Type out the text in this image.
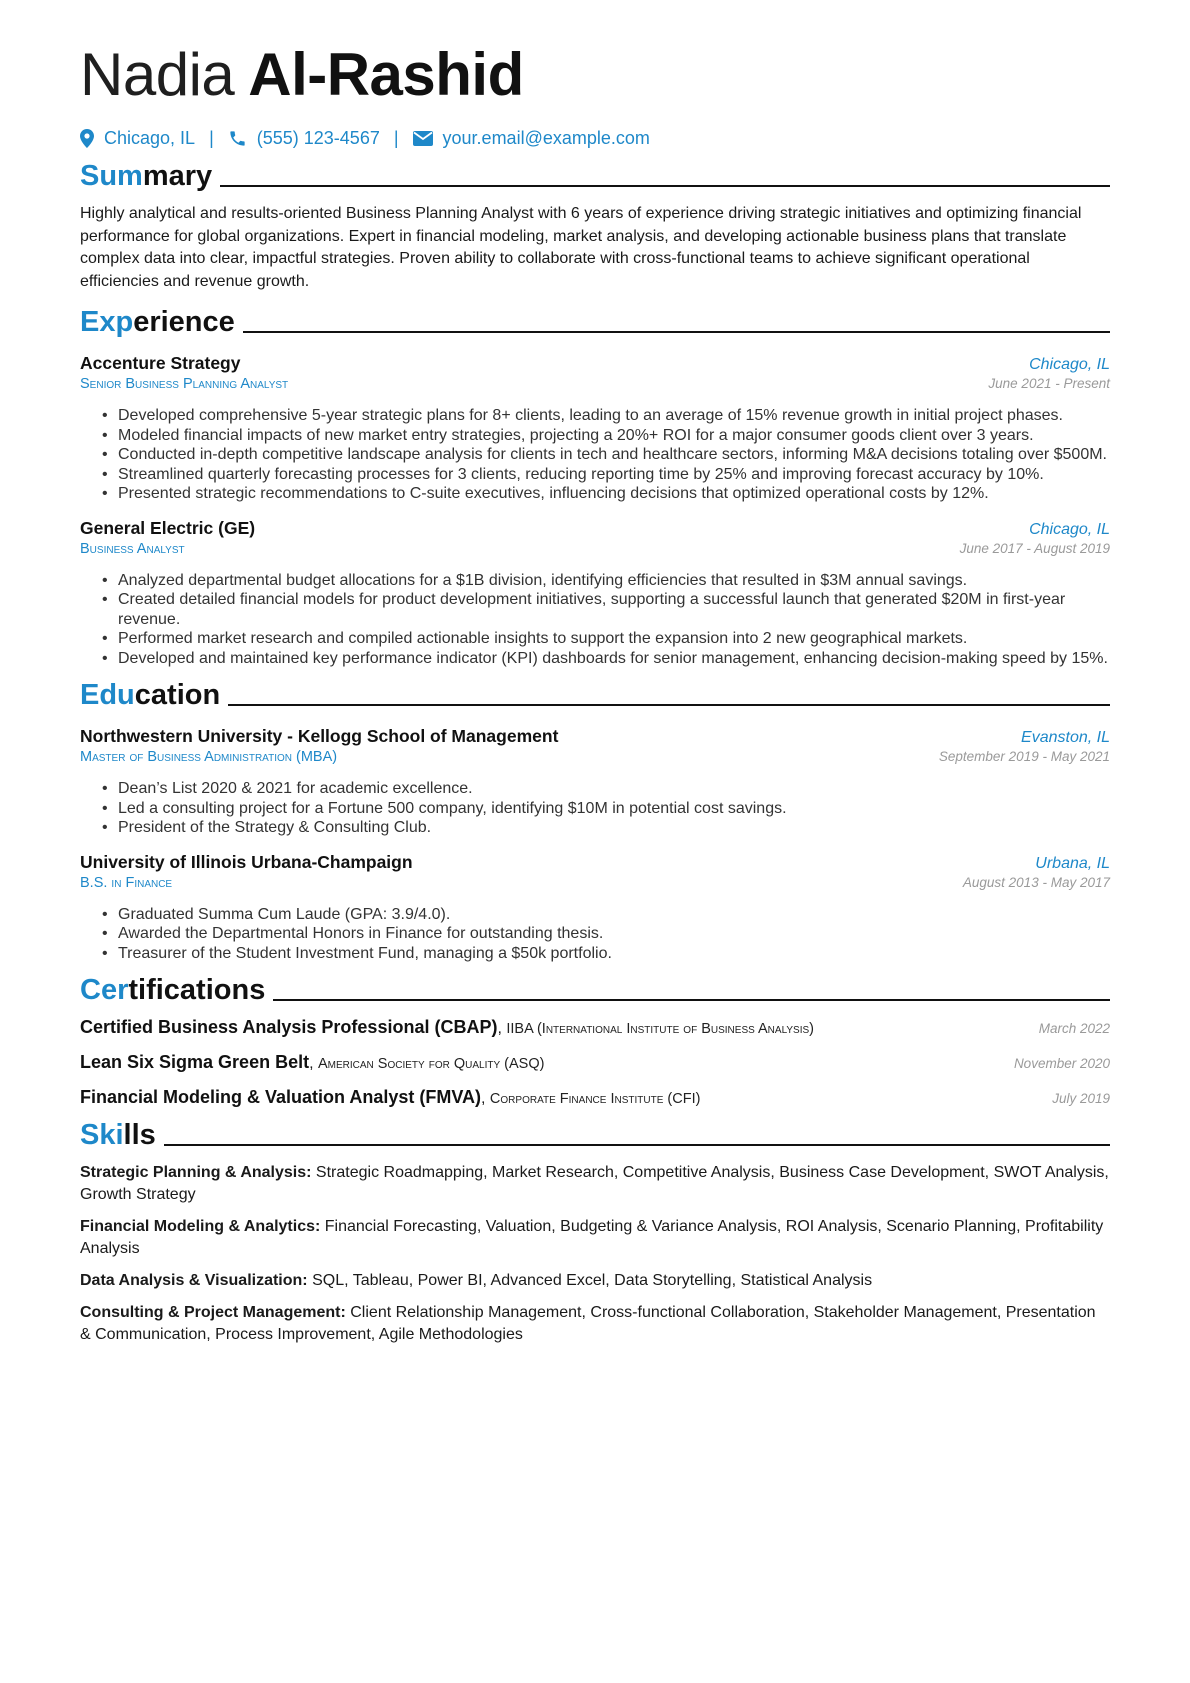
Nadia Al-Rashid
Chicago, IL | (555) 123-4567 | your.email@example.com
Summary

Highly analytical and results-oriented Business Planning Analyst with 6 years of experience driving strategic initiatives and optimizing financial performance for global organizations. Expert in financial modeling, market analysis, and developing actionable business plans that translate complex data into clear, impactful strategies. Proven ability to collaborate with cross-functional teams to achieve significant operational efficiencies and revenue growth.

Experience
Accenture Strategy	Chicago, IL
Senior Business Planning Analyst	June 2021 - Present
• Developed comprehensive 5-year strategic plans for 8+ clients, leading to an average of 15% revenue growth in initial project phases.
• Modeled financial impacts of new market entry strategies, projecting a 20%+ ROI for a major consumer goods client over 3 years.
• Conducted in-depth competitive landscape analysis for clients in tech and healthcare sectors, informing M&A decisions totaling over $500M.
• Streamlined quarterly forecasting processes for 3 clients, reducing reporting time by 25% and improving forecast accuracy by 10%.
• Presented strategic recommendations to C-suite executives, influencing decisions that optimized operational costs by 12%.
General Electric (GE)	Chicago, IL
Business Analyst	June 2017 - August 2019
• Analyzed departmental budget allocations for a $1B division, identifying efficiencies that resulted in $3M annual savings.
• Created detailed financial models for product development initiatives, supporting a successful launch that generated $20M in first-year revenue.
• Performed market research and compiled actionable insights to support the expansion into 2 new geographical markets.
• Developed and maintained key performance indicator (KPI) dashboards for senior management, enhancing decision-making speed by 15%.
Education
Northwestern University - Kellogg School of Management	Evanston, IL
Master of Business Administration (MBA)	September 2019 - May 2021
• Dean’s List 2020 & 2021 for academic excellence.
• Led a consulting project for a Fortune 500 company, identifying $10M in potential cost savings.
• President of the Strategy & Consulting Club.
University of Illinois Urbana-Champaign	Urbana, IL
B.S. in Finance	August 2013 - May 2017
• Graduated Summa Cum Laude (GPA: 3.9/4.0).
• Awarded the Departmental Honors in Finance for outstanding thesis.
• Treasurer of the Student Investment Fund, managing a $50k portfolio.
Certifications
Certified Business Analysis Professional (CBAP), IIBA (International Institute of Business Analysis)	March 2022
Lean Six Sigma Green Belt, American Society for Quality (ASQ)	November 2020
Financial Modeling & Valuation Analyst (FMVA), Corporate Finance Institute (CFI)	July 2019
Skills
Strategic Planning & Analysis: Strategic Roadmapping, Market Research, Competitive Analysis, Business Case Development, SWOT Analysis, Growth Strategy
Financial Modeling & Analytics: Financial Forecasting, Valuation, Budgeting & Variance Analysis, ROI Analysis, Scenario Planning, Profitability Analysis
Data Analysis & Visualization: SQL, Tableau, Power BI, Advanced Excel, Data Storytelling, Statistical Analysis
Consulting & Project Management: Client Relationship Management, Cross-functional Collaboration, Stakeholder Management, Presentation & Communication, Process Improvement, Agile Methodologies
